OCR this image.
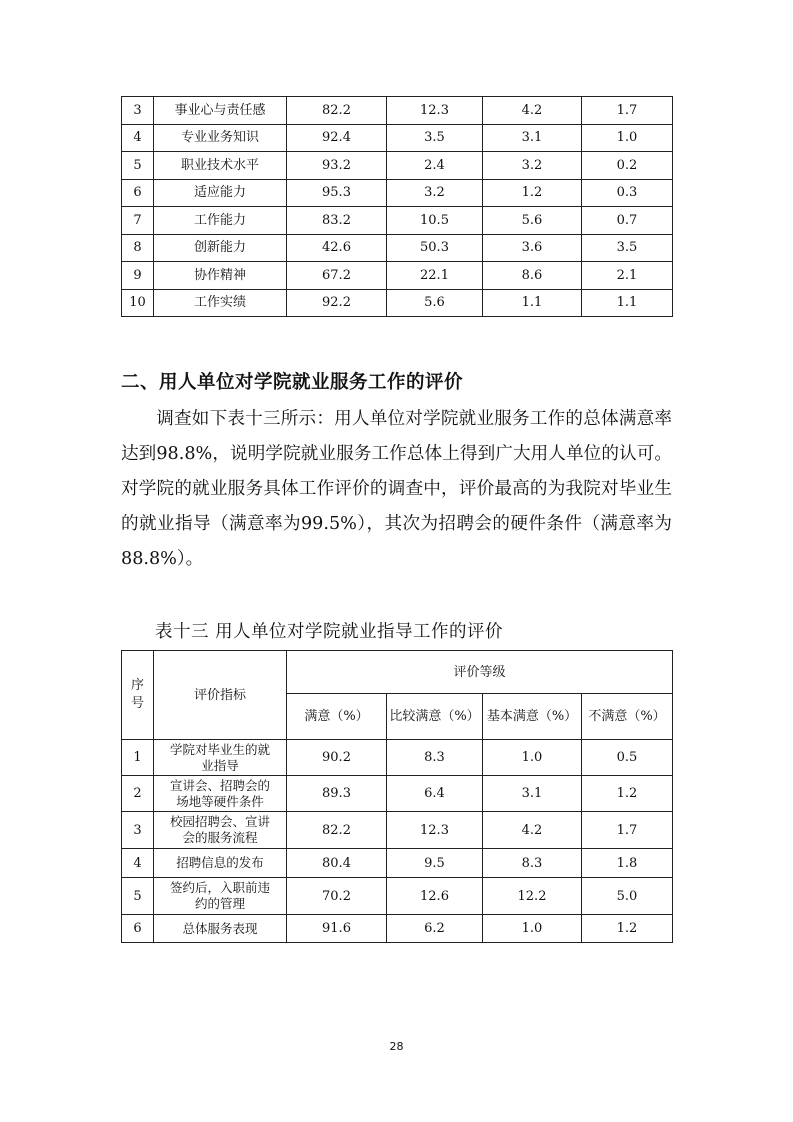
3	事业心与责任感	82.2	12.3	4.2	1.7
4	专业业务知识	92.4	3.5	3.1	1.0
5	职业技术水平	93.2	2.4	3.2	0.2
6	适应能力	95.3	3.2	1.2	0.3
7	工作能力	83.2	10.5	5.6	0.7
8	创新能力	42.6	50.3	3.6	3.5
9	协作精神	67.2	22.1	8.6	2.1
10	工作实绩	92.2	5.6	1.1	1.1
二、用人单位对学院就业服务工作的评价

调查如下表十三所示：用人单位对学院就业服务工作的总体满意率达到98.8%，说明学院就业服务工作总体上得到广大用人单位的认可。对学院的就业服务具体工作评价的调查中，评价最高的为我院对毕业生的就业指导（满意率为99.5%），其次为招聘会的硬件条件（满意率为88.8%）。

表十三 用人单位对学院就业指导工作的评价

序号	评价指标	评价等级			
		满意（%）	比较满意（%）	基本满意（%）	不满意（%）
1	学院对毕业生的就业指导	90.2	8.3	1.0	0.5
2	宣讲会、招聘会的场地等硬件条件	89.3	6.4	3.1	1.2
3	校园招聘会、宣讲会的服务流程	82.2	12.3	4.2	1.7
4	招聘信息的发布	80.4	9.5	8.3	1.8
5	签约后，入职前违约的管理	70.2	12.6	12.2	5.0
6	总体服务表现	91.6	6.2	1.0	1.2
28
